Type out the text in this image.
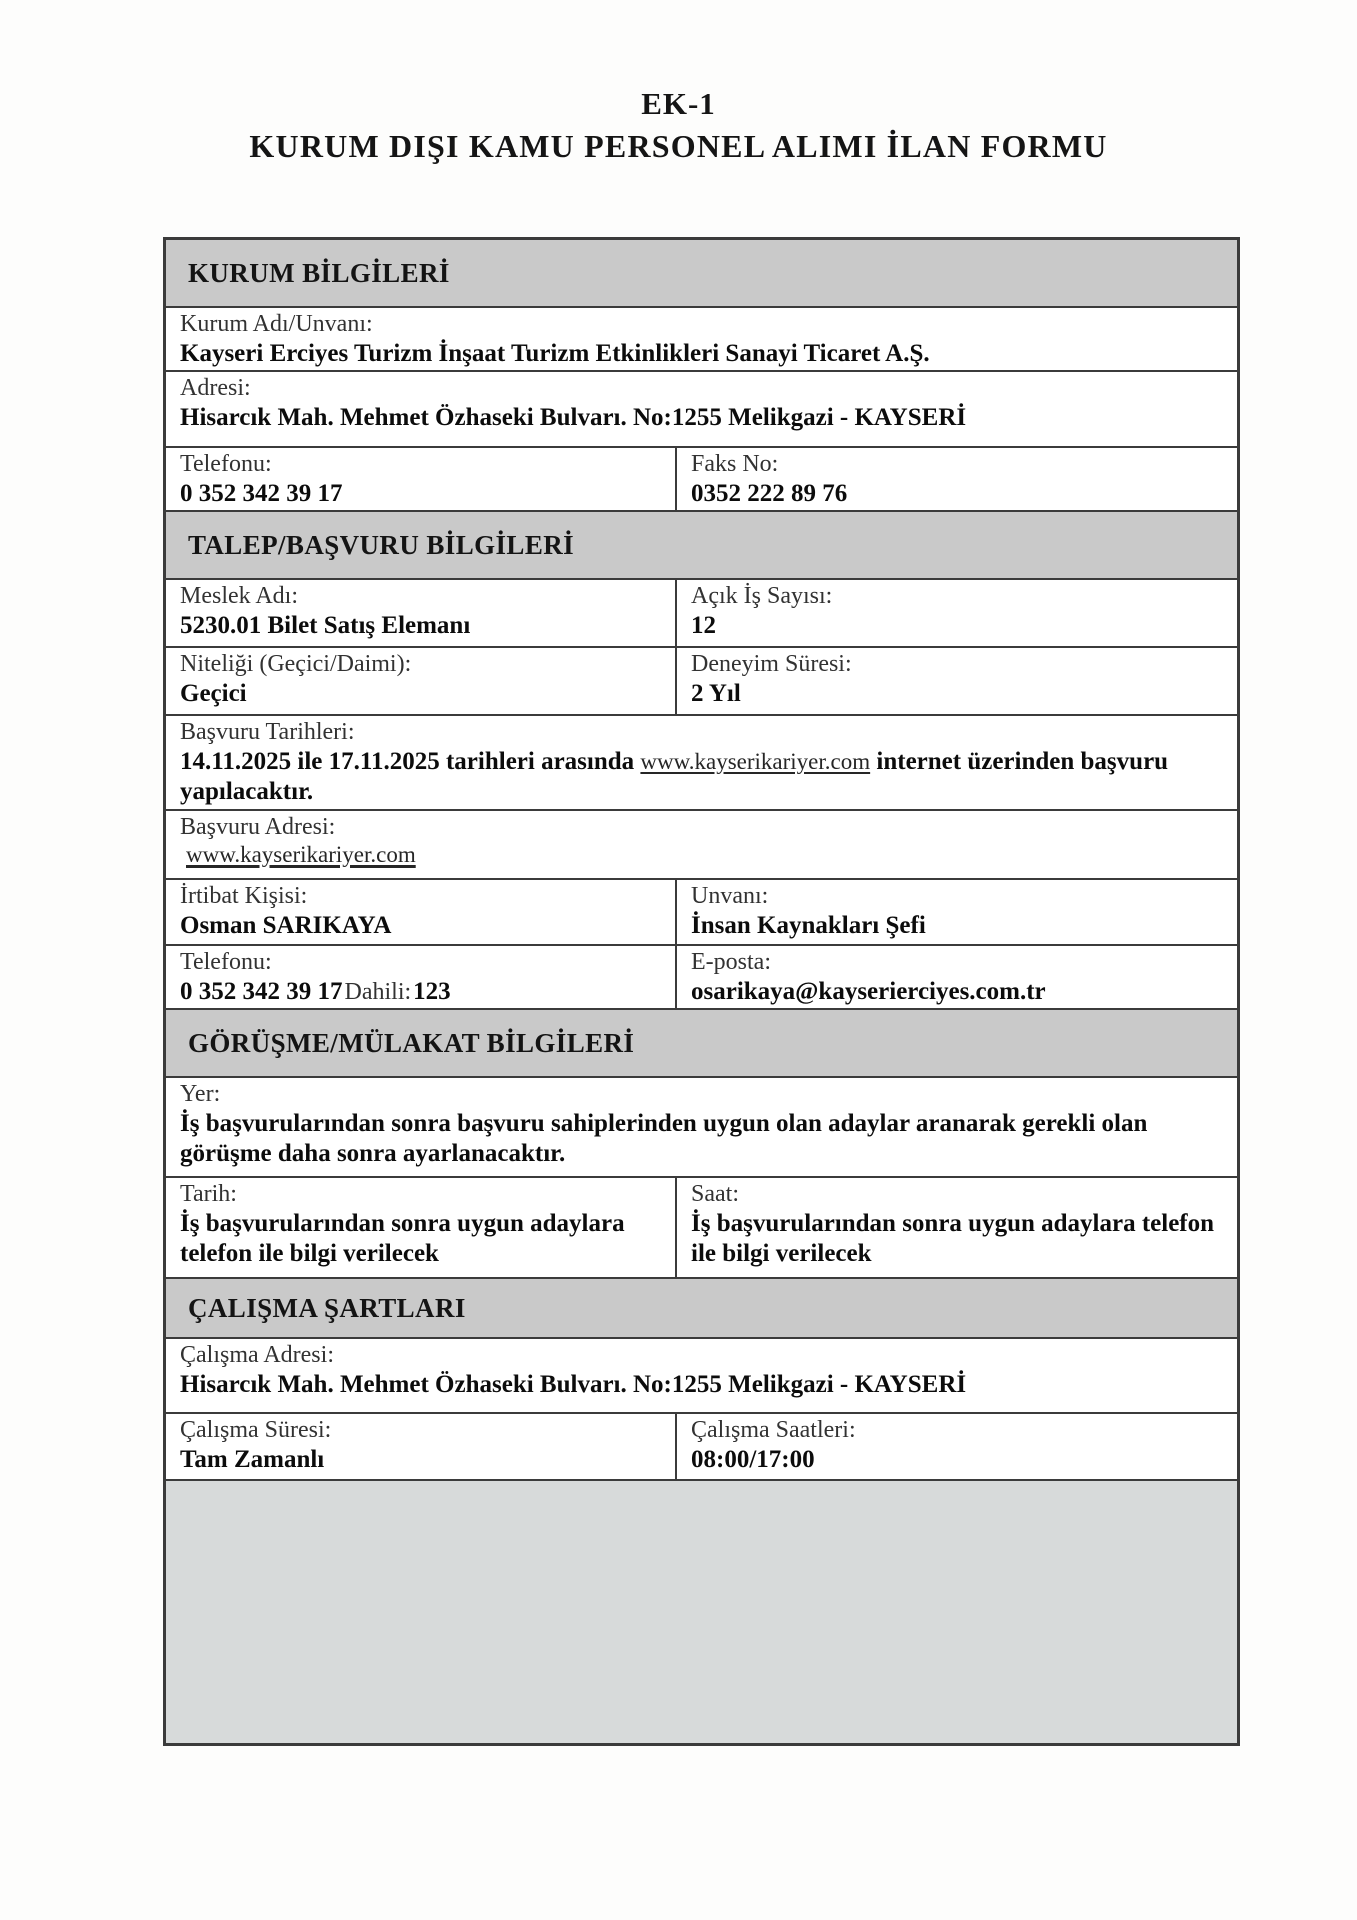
EK-1
KURUM DIŞI KAMU PERSONEL ALIMI İLAN FORMU
KURUM BİLGİLERİ
Kurum Adı/Unvanı:
Kayseri Erciyes Turizm İnşaat Turizm Etkinlikleri Sanayi Ticaret A.Ş.
Adresi:
Hisarcık Mah. Mehmet Özhaseki Bulvarı. No:1255 Melikgazi - KAYSERİ
Telefonu:
0 352 342 39 17
Faks No:
0352 222 89 76
TALEP/BAŞVURU BİLGİLERİ
Meslek Adı:
5230.01 Bilet Satış Elemanı
Açık İş Sayısı:
12
Niteliği (Geçici/Daimi):
Geçici
Deneyim Süresi:
2 Yıl
Başvuru Tarihleri:
14.11.2025 ile 17.11.2025 tarihleri arasında www.kayserikariyer.com internet üzerinden başvuru yapılacaktır.
Başvuru Adresi:
www.kayserikariyer.com
İrtibat Kişisi:
Osman SARIKAYA
Unvanı:
İnsan Kaynakları Şefi
Telefonu:
0 352 342 39 17Dahili:123
E-posta:
osarikaya@kayserierciyes.com.tr
GÖRÜŞME/MÜLAKAT BİLGİLERİ
Yer:
İş başvurularından sonra başvuru sahiplerinden uygun olan adaylar aranarak gerekli olan görüşme daha sonra ayarlanacaktır.
Tarih:
İş başvurularından sonra uygun adaylara telefon ile bilgi verilecek
Saat:
İş başvurularından sonra uygun adaylara telefon ile bilgi verilecek
ÇALIŞMA ŞARTLARI
Çalışma Adresi:
Hisarcık Mah. Mehmet Özhaseki Bulvarı. No:1255 Melikgazi - KAYSERİ
Çalışma Süresi:
Tam Zamanlı
Çalışma Saatleri:
08:00/17:00
